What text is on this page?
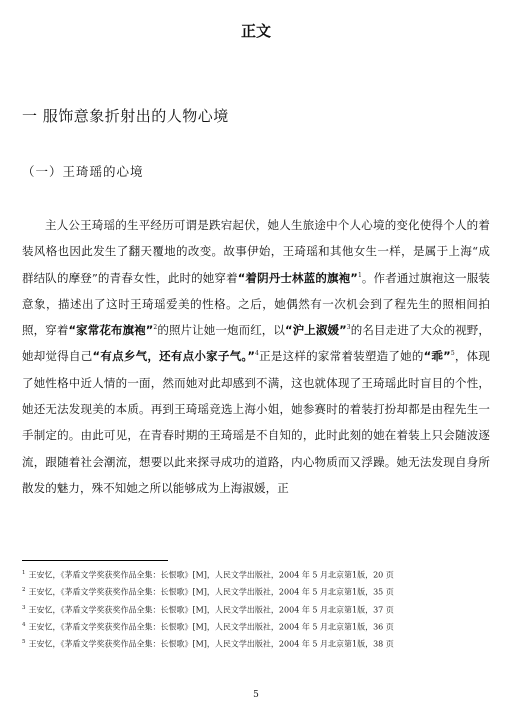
正文
一 服饰意象折射出的人物心境
（一）王琦瑶的心境

主人公王琦瑶的生平经历可谓是跌宕起伏，她人生旅途中个人心境的变化使得个人的着装风格也因此发生了翻天覆地的改变。故事伊始，王琦瑶和其他女生一样，是属于上海“成群结队的摩登”的青春女性，此时的她穿着“着阴丹士林蓝的旗袍”$^1$。作者通过旗袍这一服装意象，描述出了这时王琦瑶爱美的性格。之后，她偶然有一次机会到了程先生的照相间拍照，穿着“家常花布旗袍”$^2$的照片让她一炮而红，以“沪上淑媛”$^3$的名目走进了大众的视野，她却觉得自己“有点乡气，还有点小家子气。”$^4$正是这样的家常着装塑造了她的“乖”$^5$，体现了她性格中近人情的一面，然而她对此却感到不满，这也就体现了王琦瑶此时盲目的个性，她还无法发现美的本质。再到王琦瑶竞选上海小姐，她参赛时的着装打扮却都是由程先生一手制定的。由此可见，在青春时期的王琦瑶是不自知的，此时此刻的她在着装上只会随波逐流，跟随着社会潮流，想要以此来探寻成功的道路，内心物质而又浮躁。她无法发现自身所散发的魅力，殊不知她之所以能够成为上海淑媛，正

$^1$ 王安忆，《茅盾文学奖获奖作品全集：长恨歌》[M]，人民文学出版社，2004 年 5 月北京第1版，20 页
$^2$ 王安忆，《茅盾文学奖获奖作品全集：长恨歌》[M]，人民文学出版社，2004 年 5 月北京第1版，35 页
$^3$ 王安忆，《茅盾文学奖获奖作品全集：长恨歌》[M]，人民文学出版社，2004 年 5 月北京第1版，37 页
$^4$ 王安忆，《茅盾文学奖获奖作品全集：长恨歌》[M]，人民文学出版社，2004 年 5 月北京第1版，36 页
$^5$ 王安忆，《茅盾文学奖获奖作品全集：长恨歌》[M]，人民文学出版社，2004 年 5 月北京第1版，38 页
5
